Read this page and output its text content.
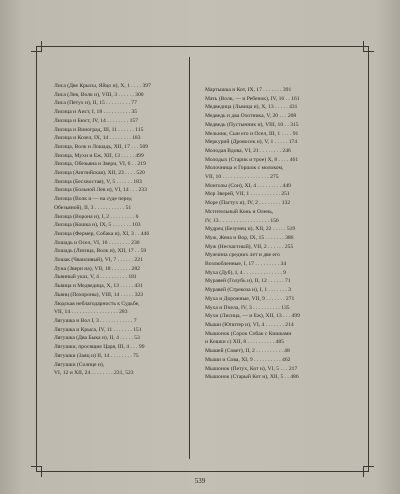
Лиса (Две Крысы, Яйцо и), X, 1 . . . . 397
Лиса (Лев, Волк и), VIII, 3 . . . . . . 300
Лиса (Петух и), II, 15 . . . . . . . . . 77
Лисица и Аист, I, 18 . . . . . . . . . . 35
Лисица и Бюст, IV, 14 . . . . . . . . 157
Лисица и Виноград, III, 11 . . . . . . 115
Лисица и Козел, IX, 14 . . . . . . . . 183
Лисица, Волк и Лошадь, XII, 17 . . . 509
Лисица, Мухи и Еж, XII, 13 . . . . . 499
Лисица, Обезьяна и Звери, VI, 6 . . 219
Лисица (Английская), XII, 23 . . . . 520
Лисица (Бесхвостая), V, 5 . . . . . . 183
Лисица (Больной Лев и), VI, 14 . . . 233
Лисица (Волк и — на суде перед
Обезьяной), II, 3 . . . . . . . . . . . 51
Лисица (Ворона и), I, 2 . . . . . . . . . 6
Лисица (Кошка и), IX, 5 . . . . . . . 103
Лисица (Фермер, Собака и), XI, 3 . . 446
Лошадь и Осел, VI, 16 . . . . . . . . 236
Лошадь (Лисица, Волк и), XII, 17 . . 59
Лошак (Чванливый), VI, 7 . . . . . . 221
Луна (Звери на), VII, 18 . . . . . . . 282
Львиный указ, V, 4 . . . . . . . . . . 181
Львица и Медведица, X, 13 . . . . . 431
Львиц (Похороны), VIII, 14 . . . . . 323
Людская неблагодарность к Судьбе,
VII, 14 . . . . . . . . . . . . . . . . . 283
Лягушка и Вол I, 3 . . . . . . . . . . . . 7
Лягушка и Крыса, IV, 11 . . . . . . . 151
Лягушка (Два Быка и), II, 4 . . . . . 53
Лягушки, просящие Царя, III, 4 . . . 99
Лягушки (Заяц и) II, 14 . . . . . . . . 75
Лягушки (Солнце и),
VI, 12 и XII, 24 . . . . . . . . 231, 523
Мартышка и Кот, IX, 17 . . . . . . . 391
Мать (Волк, — и Ребенок), IV, 16 . . 161
Медведица (Львица и), X, 13 . . . . . 431
Медведь и два Охотника, V, 20 . . . 208
Медведь (Пустынник и), VIII, 10 . . 315
Мельник, Сын его и Осел, III, 1 . . . . 91
Меркурий (Дровосек и), V, 1 . . . . . 174
Молодая Вдова, VI, 21 . . . . . . . . 246
Молодых (Старик и трое) X, 8 . . . . 461
Молочница и Горшок с молоком,
VII, 10 . . . . . . . . . . . . . . . . . 275
Монголы (Сон), XI, 4 . . . . . . . . . 449
Мор Зверей, VII, 1 . . . . . . . . . . . 251
Море (Пастух и), IV, 2 . . . . . . . . 132
Мстительный Конь и Олень,
IV, 13 . . . . . . . . . . . . . . . . . . 156
Мудрец (Безумец и), XII, 22 . . . . . 519
Муж, Жена и Вор, IX, 15 . . . . . . . 386
Муж (Несчастный), VII, 2 . . . . . . 255
Мужчина средних лет и две его
Возлюбленные, I, 17 . . . . . . . . . 34
Муха (Дуб), I, 4 . . . . . . . . . . . . . . 9
Муравей (Голубь и), II, 12 . . . . . . 71
Муравей (Стрекоза и), I, 1 . . . . . . . 3
Муха и Дорожные, VII, 9 . . . . . . . 271
Муха и Пчела, IV, 3 . . . . . . . . . . 135
Мухи (Лисица, — и Еж), XII, 13 . . . 499
Мыши (Юпитер и), VI, 4 . . . . . . . 214
Мышонок (Сорок Собак с Кишками
и Кошки с) XII, 8 . . . . . . . . . . 485
Мышей (Совет), II, 2 . . . . . . . . . . 48
Мыши и Сова, XI, 9 . . . . . . . . . . 462
Мышонок (Петух, Кот и), VI, 5 . . . 217
Мышонок (Старый Кот и), XII, 5 . . 486
539
